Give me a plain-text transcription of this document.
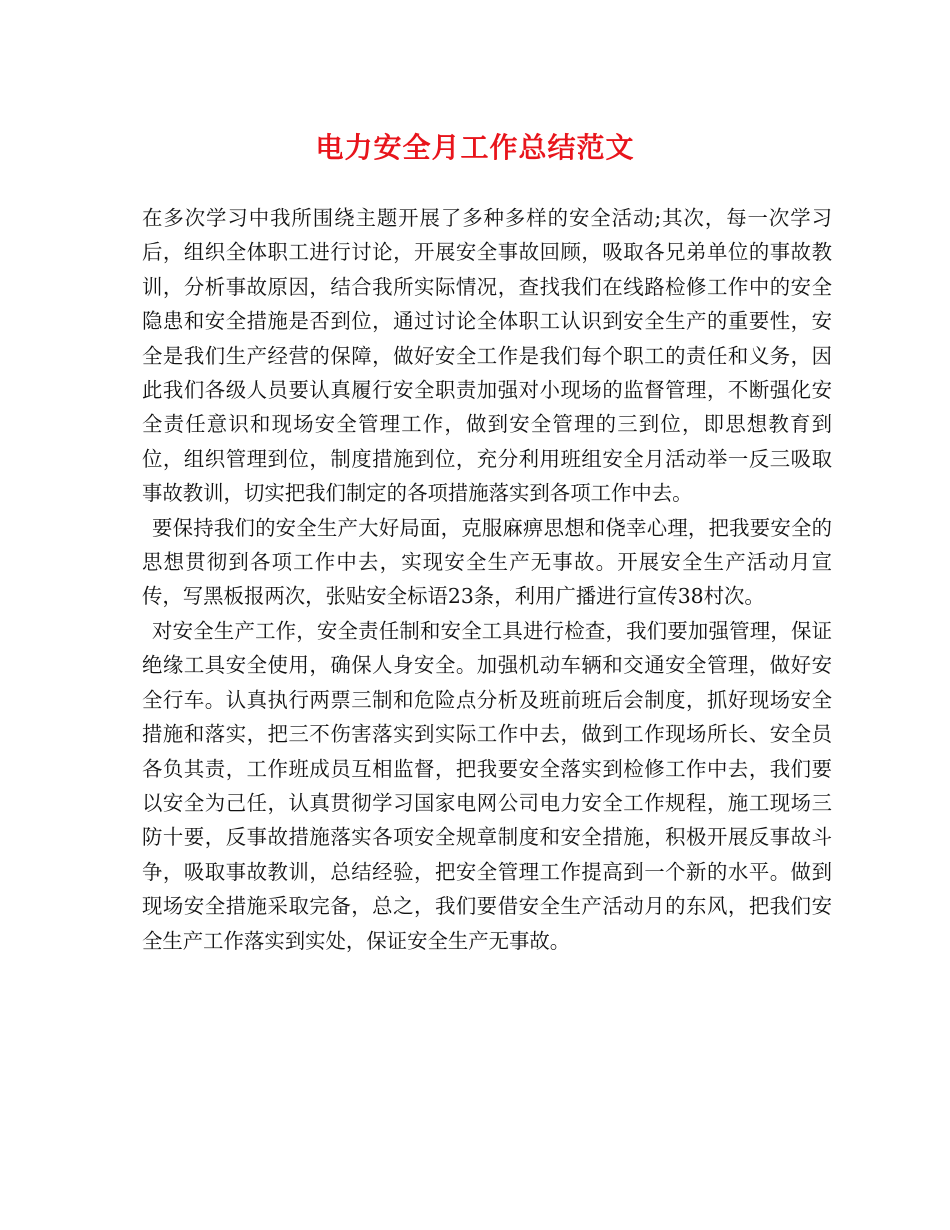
电力安全月工作总结范文

在多次学习中我所围绕主题开展了多种多样的安全活动;其次，每一次学习后，组织全体职工进行讨论，开展安全事故回顾，吸取各兄弟单位的事故教训，分析事故原因，结合我所实际情况，查找我们在线路检修工作中的安全隐患和安全措施是否到位，通过讨论全体职工认识到安全生产的重要性，安全是我们生产经营的保障，做好安全工作是我们每个职工的责任和义务，因此我们各级人员要认真履行安全职责加强对小现场的监督管理，不断强化安全责任意识和现场安全管理工作，做到安全管理的三到位，即思想教育到位，组织管理到位，制度措施到位，充分利用班组安全月活动举一反三吸取事故教训，切实把我们制定的各项措施落实到各项工作中去。

要保持我们的安全生产大好局面，克服麻痹思想和侥幸心理，把我要安全的思想贯彻到各项工作中去，实现安全生产无事故。开展安全生产活动月宣传，写黑板报两次，张贴安全标语23条，利用广播进行宣传38村次。

对安全生产工作，安全责任制和安全工具进行检查，我们要加强管理，保证绝缘工具安全使用，确保人身安全。加强机动车辆和交通安全管理，做好安全行车。认真执行两票三制和危险点分析及班前班后会制度，抓好现场安全措施和落实，把三不伤害落实到实际工作中去，做到工作现场所长、安全员各负其责，工作班成员互相监督，把我要安全落实到检修工作中去，我们要以安全为己任，认真贯彻学习国家电网公司电力安全工作规程，施工现场三防十要，反事故措施落实各项安全规章制度和安全措施，积极开展反事故斗争，吸取事故教训，总结经验，把安全管理工作提高到一个新的水平。做到现场安全措施采取完备，总之，我们要借安全生产活动月的东风，把我们安全生产工作落实到实处，保证安全生产无事故。
